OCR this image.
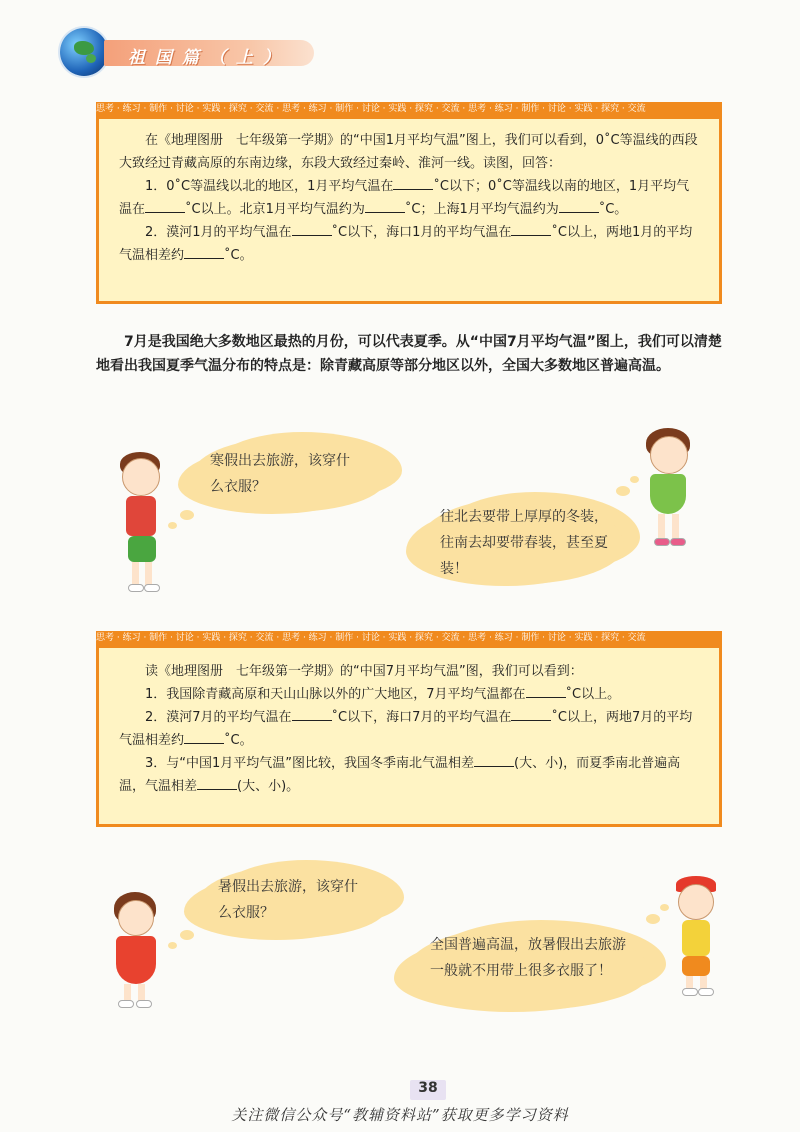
祖国篇（上）
思考 · 练习 · 制作 · 讨论 · 实践 · 探究 · 交流 · 思考 · 练习 · 制作 · 讨论 · 实践 · 探究 · 交流 · 思考 · 练习 · 制作 · 讨论 · 实践 · 探究 · 交流

在《地理图册　七年级第一学期》的“中国1月平均气温”图上，我们可以看到，0˚C等温线的西段大致经过青藏高原的东南边缘，东段大致经过秦岭、淮河一线。读图，回答：

1．0˚C等温线以北的地区，1月平均气温在	˚C以下；0˚C等温线以南的地区，1月平均气温在	˚C以上。北京1月平均气温约为	˚C；上海1月平均气温约为	˚C。

2．漠河1月的平均气温在	˚C以下，海口1月的平均气温在	˚C以上，两地1月的平均气温相差约	˚C。

7月是我国绝大多数地区最热的月份，可以代表夏季。从“中国7月平均气温”图上，我们可以清楚地看出我国夏季气温分布的特点是：除青藏高原等部分地区以外，全国大多数地区普遍高温。
寒假出去旅游，该穿什么衣服？
往北去要带上厚厚的冬装，往南去却要带春装，甚至夏装！
思考 · 练习 · 制作 · 讨论 · 实践 · 探究 · 交流 · 思考 · 练习 · 制作 · 讨论 · 实践 · 探究 · 交流 · 思考 · 练习 · 制作 · 讨论 · 实践 · 探究 · 交流

读《地理图册　七年级第一学期》的“中国7月平均气温”图，我们可以看到：

1．我国除青藏高原和天山山脉以外的广大地区，7月平均气温都在	˚C以上。

2．漠河7月的平均气温在	˚C以下，海口7月的平均气温在	˚C以上，两地7月的平均气温相差约	˚C。

3．与“中国1月平均气温”图比较，我国冬季南北气温相差	(大、小)，而夏季南北普遍高温，气温相差	(大、小)。

暑假出去旅游，该穿什么衣服？
全国普遍高温，放暑假出去旅游一般就不用带上很多衣服了！
38
关注微信公众号“教辅资料站”获取更多学习资料
